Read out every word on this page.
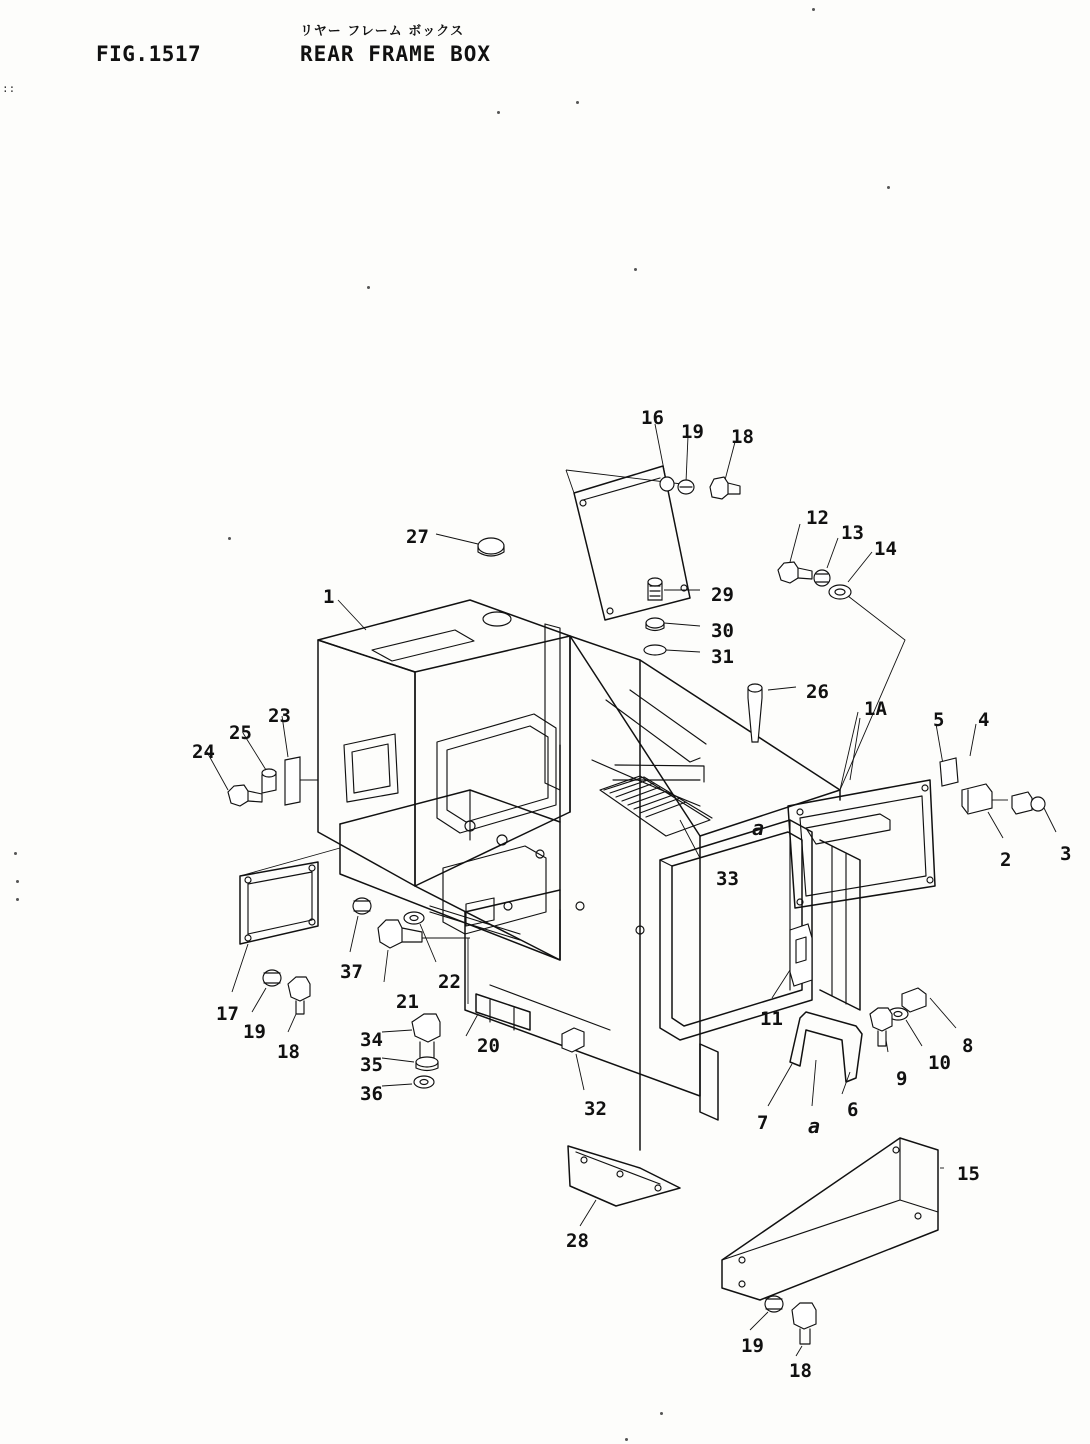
FIG.1517
リヤー フレーム ボックス
REAR FRAME BOX
::
16
19 18
27
12
13
14
29
30
31
1
26
1A 5 4
23
25
24
2	3
a
33
37	22
21
17
19
18
11
8
10
9
34	20
35
36
32
7 a
6
15
28
19
18
